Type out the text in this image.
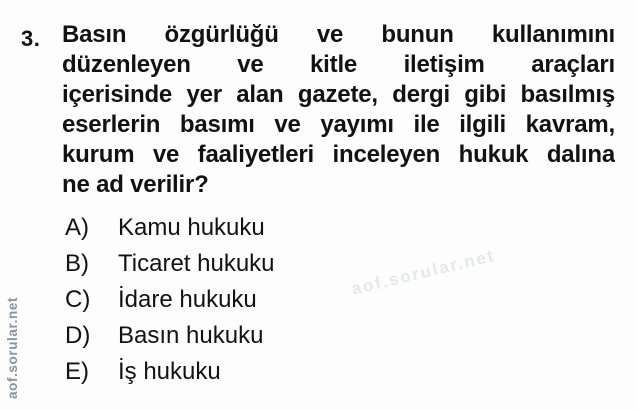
aof.sorular.net
aof.sorular.net
3. Basın özgürlüğü ve bunun kullanımını
düzenleyen ve kitle iletişim araçları
içerisinde yer alan gazete, dergi gibi basılmış
eserlerin basımı ve yayımı ile ilgili kavram,
kurum ve faaliyetleri inceleyen hukuk dalına
ne ad verilir?
A)	Kamu hukuku
B)	Ticaret hukuku
C)	İdare hukuku
D)	Basın hukuku
E)	İş hukuku
